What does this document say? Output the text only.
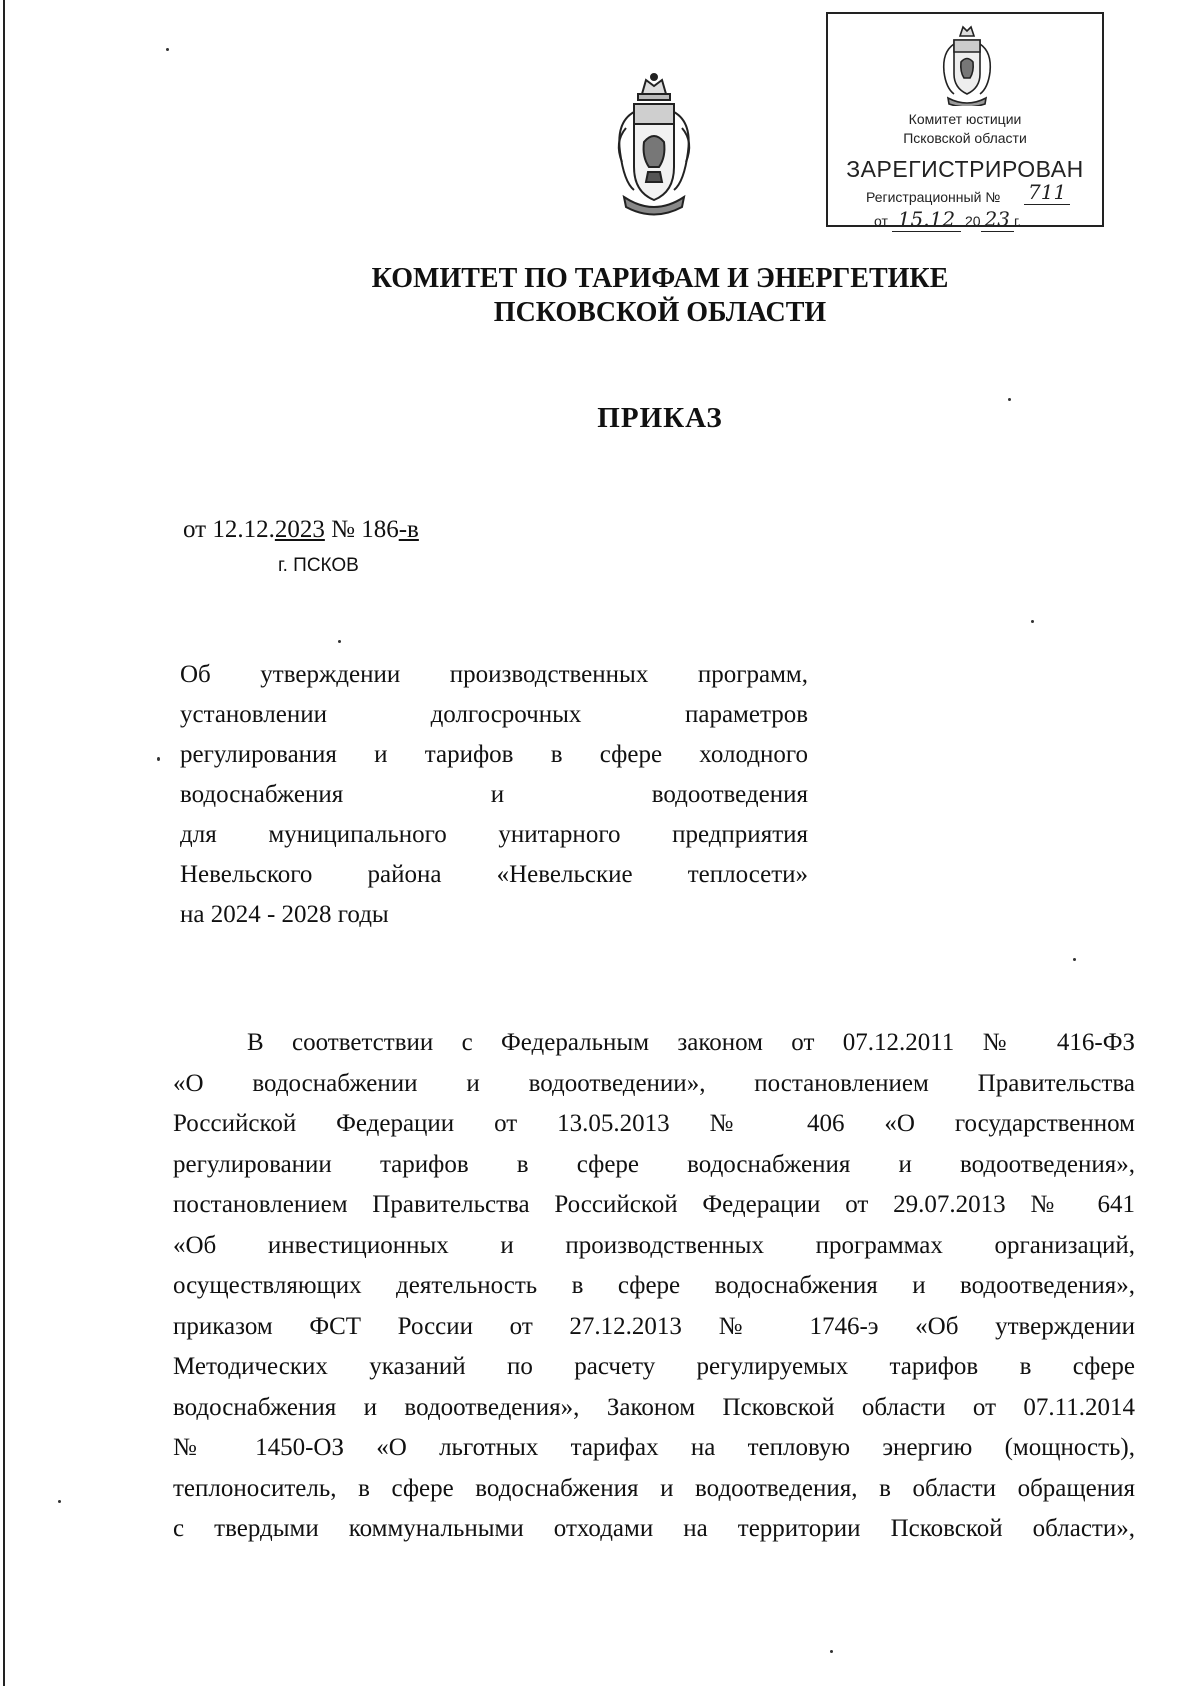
Комитет юстиции
Псковской области
ЗАРЕГИСТРИРОВАН
Регистрационный № 711
от 15.12 20 23 г.
КОМИТЕТ ПО ТАРИФАМ И ЭНЕРГЕТИКЕ
ПСКОВСКОЙ ОБЛАСТИ
ПРИКАЗ
от 12.12.2023 № 186-в
г. ПСКОВ
Об утверждении производственных программ,
установлении долгосрочных параметров
регулирования и тарифов в сфере холодного
водоснабжения и водоотведения
для муниципального унитарного предприятия
Невельского района «Невельские теплосети»
на 2024 - 2028 годы
В соответствии с Федеральным законом от 07.12.2011 № 416-ФЗ
«О водоснабжении и водоотведении», постановлением Правительства
Российской Федерации от 13.05.2013 № 406 «О государственном
регулировании тарифов в сфере водоснабжения и водоотведения»,
постановлением Правительства Российской Федерации от 29.07.2013 № 641
«Об инвестиционных и производственных программах организаций,
осуществляющих деятельность в сфере водоснабжения и водоотведения»,
приказом ФСТ России от 27.12.2013 № 1746-э «Об утверждении
Методических указаний по расчету регулируемых тарифов в сфере
водоснабжения и водоотведения», Законом Псковской области от 07.11.2014
№ 1450-ОЗ «О льготных тарифах на тепловую энергию (мощность),
теплоноситель, в сфере водоснабжения и водоотведения, в области обращения
с твердыми коммунальными отходами на территории Псковской области»,
